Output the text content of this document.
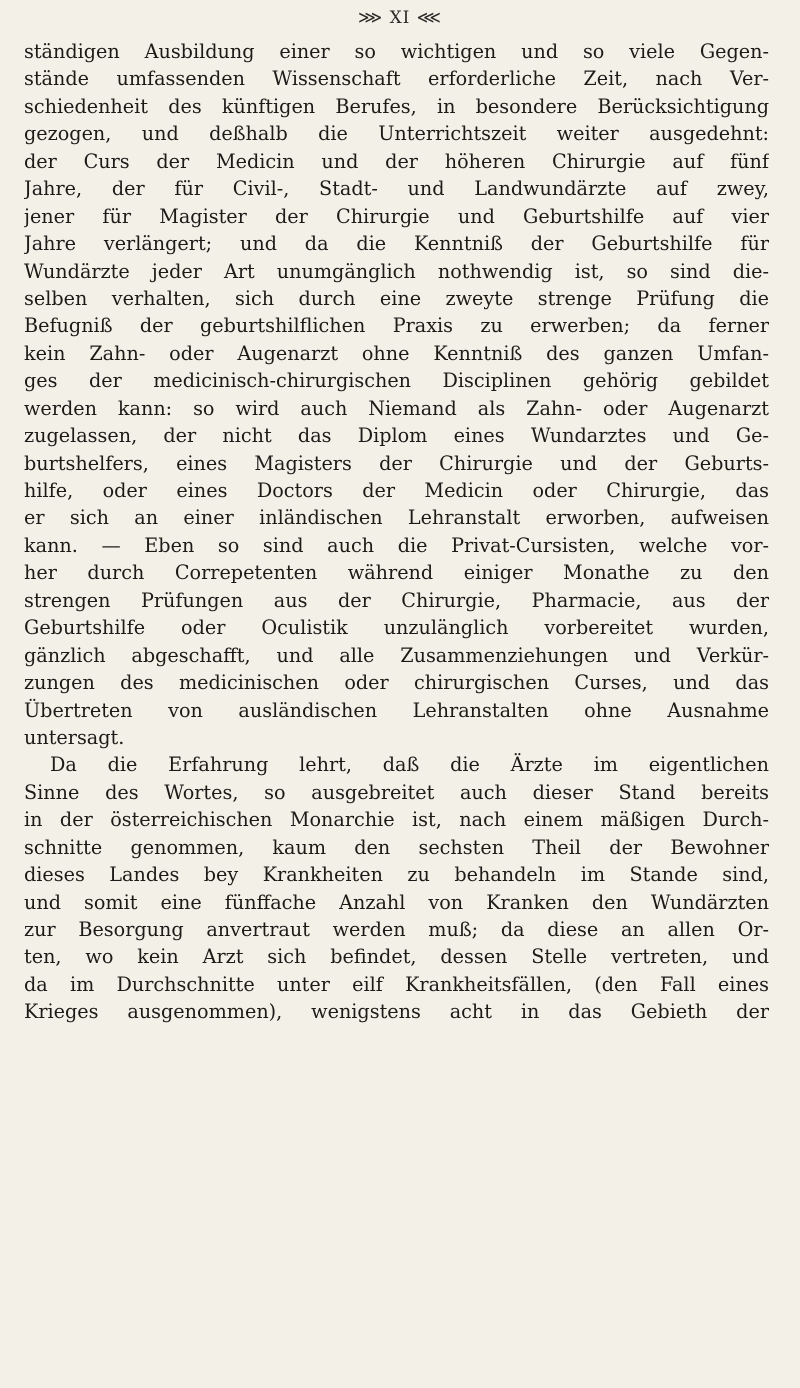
⋙ XI ⋘
ständigen Ausbildung einer so wichtigen und so viele Gegen-
stände umfassenden Wissenschaft erforderliche Zeit, nach Ver-
schiedenheit des künftigen Berufes, in besondere Berücksichtigung
gezogen, und deßhalb die Unterrichtszeit weiter ausgedehnt:
der Curs der Medicin und der höheren Chirurgie auf fünf
Jahre, der für Civil-, Stadt- und Landwundärzte auf zwey,
jener für Magister der Chirurgie und Geburtshilfe auf vier
Jahre verlängert; und da die Kenntniß der Geburtshilfe für
Wundärzte jeder Art unumgänglich nothwendig ist, so sind die-
selben verhalten, sich durch eine zweyte strenge Prüfung die
Befugniß der geburtshilflichen Praxis zu erwerben; da ferner
kein Zahn- oder Augenarzt ohne Kenntniß des ganzen Umfan-
ges der medicinisch-chirurgischen Disciplinen gehörig gebildet
werden kann: so wird auch Niemand als Zahn- oder Augenarzt
zugelassen, der nicht das Diplom eines Wundarztes und Ge-
burtshelfers, eines Magisters der Chirurgie und der Geburts-
hilfe, oder eines Doctors der Medicin oder Chirurgie, das
er sich an einer inländischen Lehranstalt erworben, aufweisen
kann. — Eben so sind auch die Privat-Cursisten, welche vor-
her durch Correpetenten während einiger Monathe zu den
strengen Prüfungen aus der Chirurgie, Pharmacie, aus der
Geburtshilfe oder Oculistik unzulänglich vorbereitet wurden,
gänzlich abgeschafft, und alle Zusammenziehungen und Verkür-
zungen des medicinischen oder chirurgischen Curses, und das
Übertreten von ausländischen Lehranstalten ohne Ausnahme
untersagt.
Da die Erfahrung lehrt, daß die Ärzte im eigentlichen
Sinne des Wortes, so ausgebreitet auch dieser Stand bereits
in der österreichischen Monarchie ist, nach einem mäßigen Durch-
schnitte genommen, kaum den sechsten Theil der Bewohner
dieses Landes bey Krankheiten zu behandeln im Stande sind,
und somit eine fünffache Anzahl von Kranken den Wundärzten
zur Besorgung anvertraut werden muß; da diese an allen Or-
ten, wo kein Arzt sich befindet, dessen Stelle vertreten, und
da im Durchschnitte unter eilf Krankheitsfällen, (den Fall eines
Krieges ausgenommen), wenigstens acht in das Gebieth der
